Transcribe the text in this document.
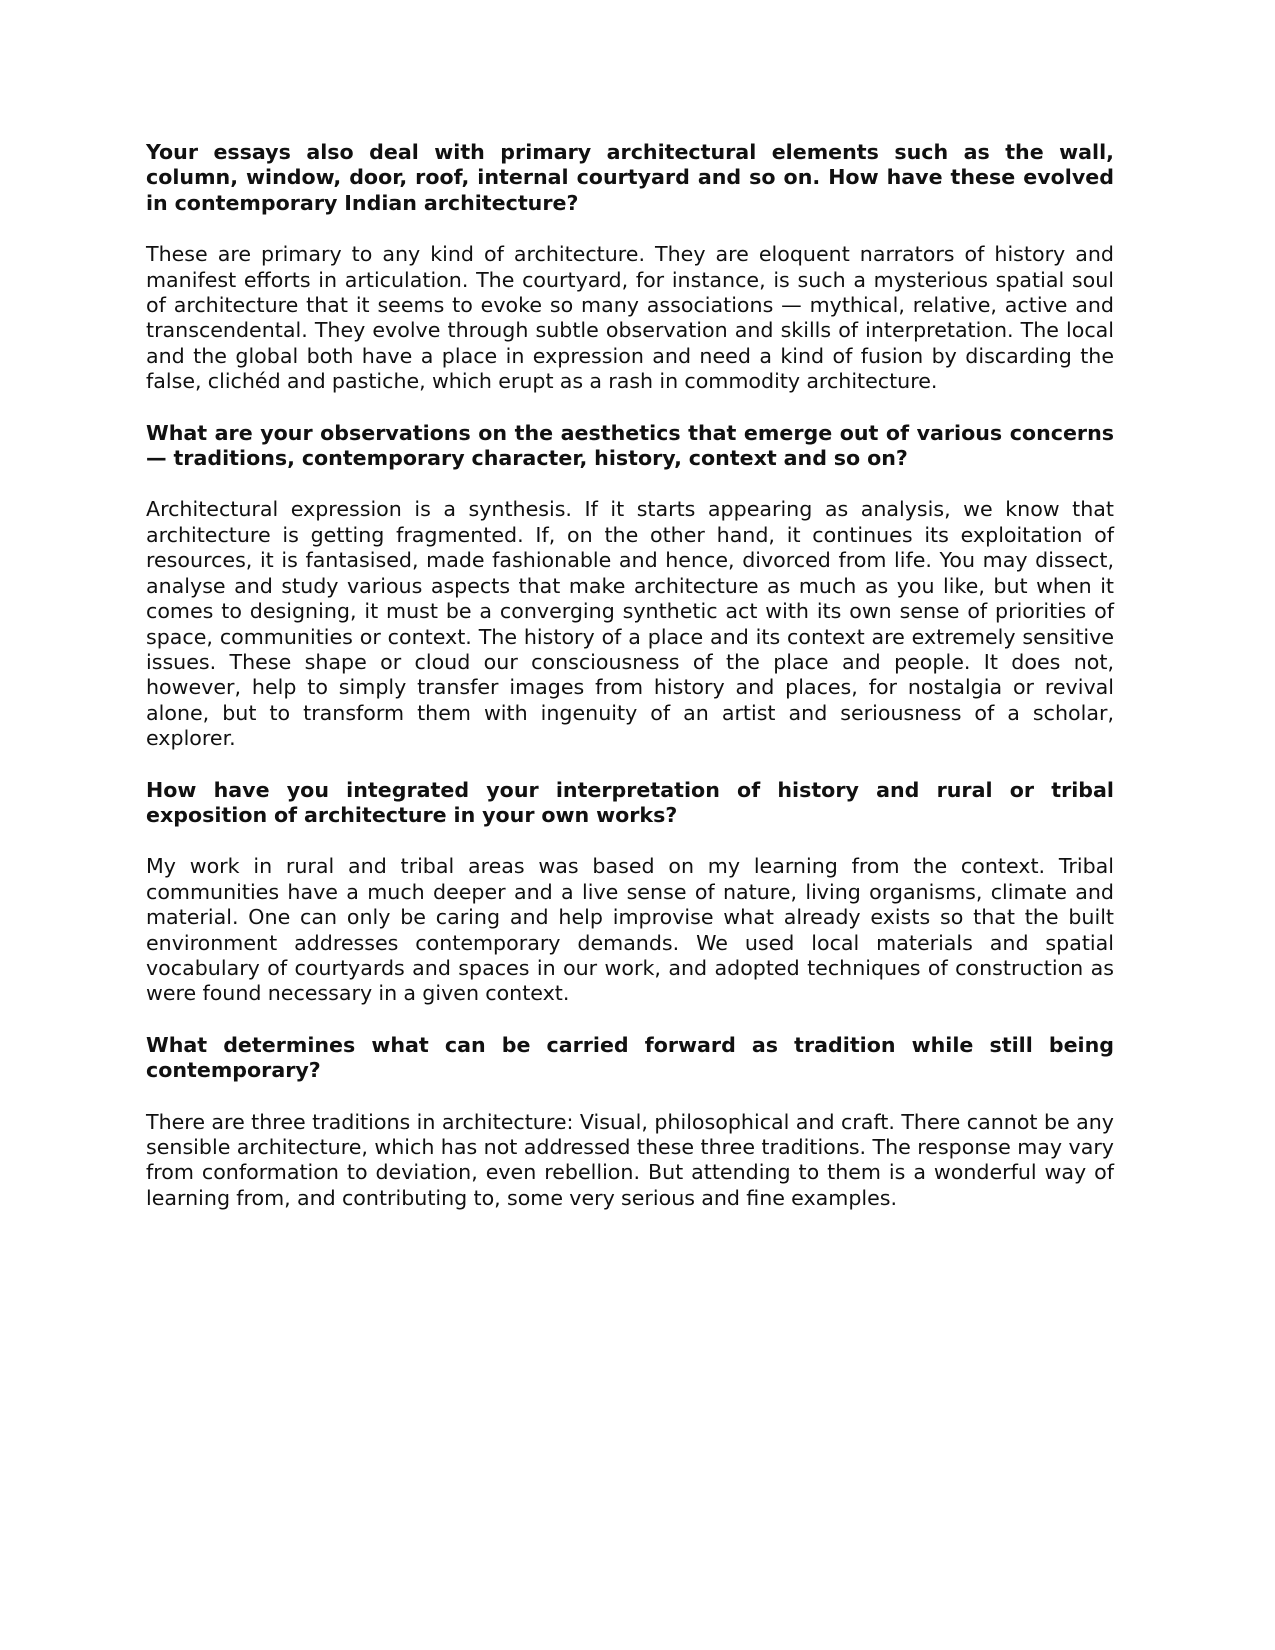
Your essays also deal with primary architectural elements such as the wall, column, window, door, roof, internal courtyard and so on. How have these evolved in contemporary Indian architecture?

These are primary to any kind of architecture. They are eloquent narrators of history and manifest efforts in articulation. The courtyard, for instance, is such a mysterious spatial soul of architecture that it seems to evoke so many associations — mythical, relative, active and transcendental. They evolve through subtle observation and skills of interpretation. The local and the global both have a place in expression and need a kind of fusion by discarding the false, clichéd and pastiche, which erupt as a rash in commodity architecture.

What are your observations on the aesthetics that emerge out of various concerns — traditions, contemporary character, history, context and so on?

Architectural expression is a synthesis. If it starts appearing as analysis, we know that architecture is getting fragmented. If, on the other hand, it continues its exploitation of resources, it is fantasised, made fashionable and hence, divorced from life. You may dissect, analyse and study various aspects that make architecture as much as you like, but when it comes to designing, it must be a converging synthetic act with its own sense of priorities of space, communities or context. The history of a place and its context are extremely sensitive issues. These shape or cloud our consciousness of the place and people. It does not, however, help to simply transfer images from history and places, for nostalgia or revival alone, but to transform them with ingenuity of an artist and seriousness of a scholar, explorer.

How have you integrated your interpretation of history and rural or tribal exposition of architecture in your own works?

My work in rural and tribal areas was based on my learning from the context. Tribal communities have a much deeper and a live sense of nature, living organisms, climate and material. One can only be caring and help improvise what already exists so that the built environment addresses contemporary demands. We used local materials and spatial vocabulary of courtyards and spaces in our work, and adopted techniques of construction as were found necessary in a given context.

What determines what can be carried forward as tradition while still being contemporary?

There are three traditions in architecture: Visual, philosophical and craft. There cannot be any sensible architecture, which has not addressed these three traditions. The response may vary from conformation to deviation, even rebellion. But attending to them is a wonderful way of learning from, and contributing to, some very serious and fine examples.
